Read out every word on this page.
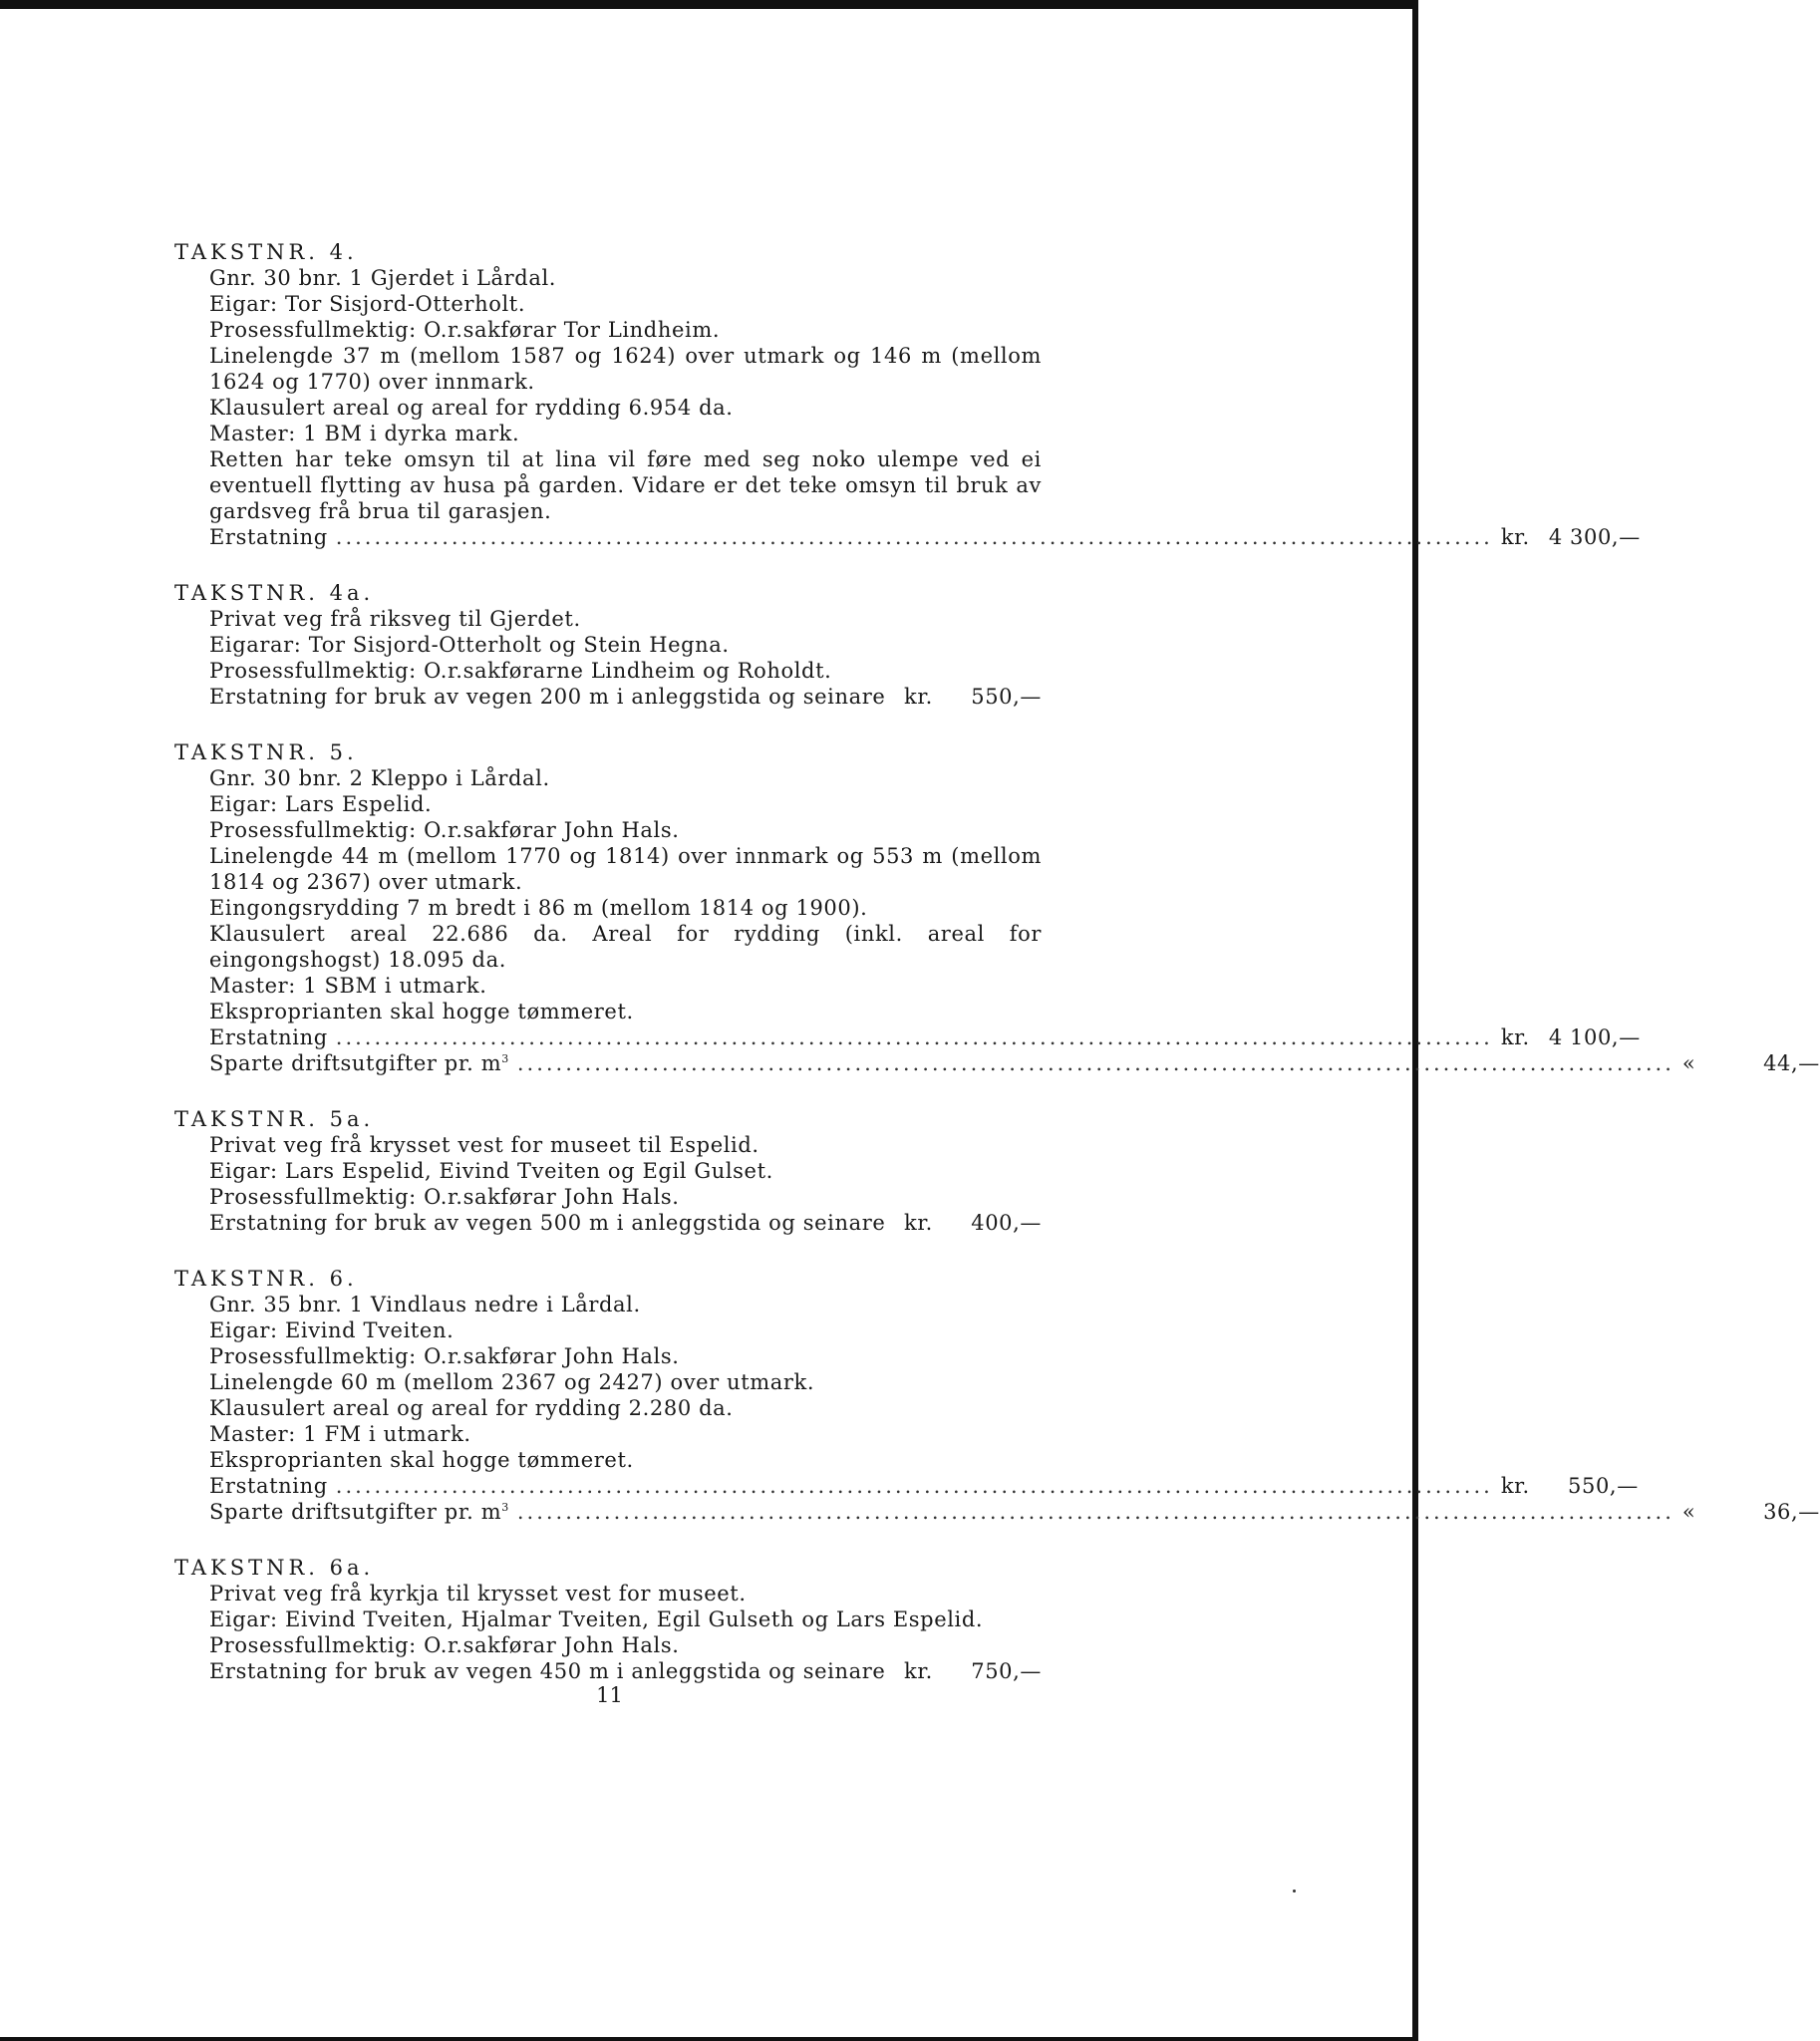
TAKSTNR. 4.
Gnr. 30 bnr. 1 Gjerdet i Lårdal.
Eigar: Tor Sisjord-Otterholt.
Prosessfullmektig: O.r.sakførar Tor Lindheim.
Linelengde 37 m (mellom 1587 og 1624) over utmark og 146 m (mellom 1624 og 1770) over innmark.
Klausulert areal og areal for rydding 6.954 da.
Master: 1 BM i dyrka mark.
Retten har teke omsyn til at lina vil føre med seg noko ulempe ved ei eventuell flytting av husa på garden. Vidare er det teke omsyn til bruk av gardsveg frå brua til garasjen.
Erstatning ........................................................................................................................ kr. 4 300,—
TAKSTNR. 4a.
Privat veg frå riksveg til Gjerdet.
Eigarar: Tor Sisjord-Otterholt og Stein Hegna.
Prosessfullmektig: O.r.sakførarne Lindheim og Roholdt.
Erstatning for bruk av vegen 200 m i anleggstida og seinare kr.	550,—
TAKSTNR. 5.
Gnr. 30 bnr. 2 Kleppo i Lårdal.
Eigar: Lars Espelid.
Prosessfullmektig: O.r.sakførar John Hals.
Linelengde 44 m (mellom 1770 og 1814) over innmark og 553 m (mellom 1814 og 2367) over utmark.
Eingongsrydding 7 m bredt i 86 m (mellom 1814 og 1900).
Klausulert areal 22.686 da. Areal for rydding (inkl. areal for eingongshogst) 18.095 da.
Master: 1 SBM i utmark.
Eksproprianten skal hogge tømmeret.
Erstatning ........................................................................................................................ kr. 4 100,—
Sparte driftsutgifter pr. $m^3$ ........................................................................................................................ «	44,—
TAKSTNR. 5a.
Privat veg frå krysset vest for museet til Espelid.
Eigar: Lars Espelid, Eivind Tveiten og Egil Gulset.
Prosessfullmektig: O.r.sakførar John Hals.
Erstatning for bruk av vegen 500 m i anleggstida og seinare kr.	400,—
TAKSTNR. 6.
Gnr. 35 bnr. 1 Vindlaus nedre i Lårdal.
Eigar: Eivind Tveiten.
Prosessfullmektig: O.r.sakførar John Hals.
Linelengde 60 m (mellom 2367 og 2427) over utmark.
Klausulert areal og areal for rydding 2.280 da.
Master: 1 FM i utmark.
Eksproprianten skal hogge tømmeret.
Erstatning ........................................................................................................................ kr.	550,—
Sparte driftsutgifter pr. $m^3$ ........................................................................................................................ «	36,—
TAKSTNR. 6a.
Privat veg frå kyrkja til krysset vest for museet.
Eigar: Eivind Tveiten, Hjalmar Tveiten, Egil Gulseth og Lars Espelid.
Prosessfullmektig: O.r.sakførar John Hals.
Erstatning for bruk av vegen 450 m i anleggstida og seinare kr.	750,—
11
